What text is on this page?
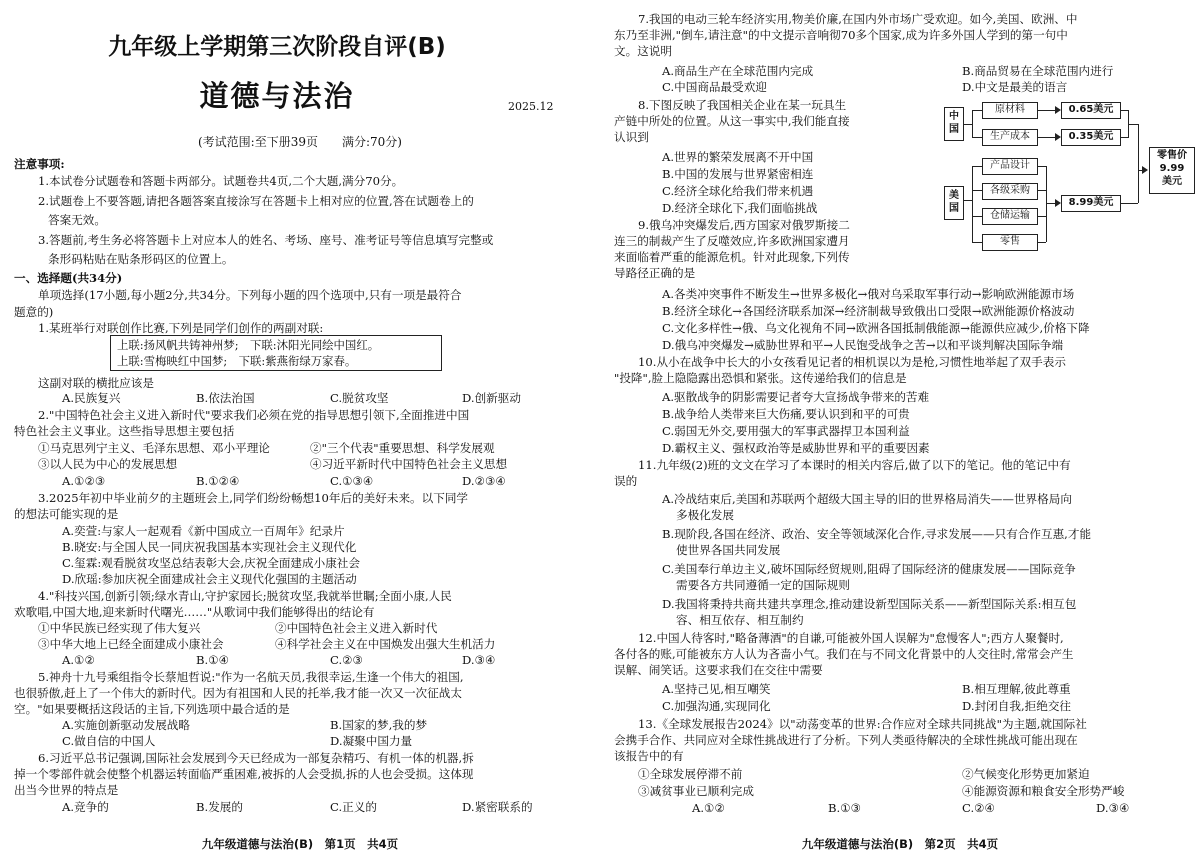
九年级上学期第三次阶段自评(B)
道德与法治	2025.12
(考试范围:至下册39页　　满分:70分)
注意事项:
1.本试卷分试题卷和答题卡两部分。试题卷共4页,二个大题,满分70分。
2.试题卷上不要答题,请把各题答案直接涂写在答题卡上相对应的位置,答在试题卷上的
答案无效。
3.答题前,考生务必将答题卡上对应本人的姓名、考场、座号、准考证号等信息填写完整或
条形码粘贴在贴条形码区的位置上。
一、选择题(共34分)
单项选择(17小题,每小题2分,共34分。下列每小题的四个选项中,只有一项是最符合
题意的)
1.某班举行对联创作比赛,下列是同学们创作的两副对联:
上联:扬风帆共铸神州梦;　下联:沐阳光同绘中国红。
上联:雪梅映红中国梦;　下联:紫燕衔绿万家春。
这副对联的横批应该是
A.民族复兴	B.依法治国	C.脱贫攻坚	D.创新驱动
2."中国特色社会主义进入新时代"要求我们必须在党的指导思想引领下,全面推进中国
特色社会主义事业。这些指导思想主要包括
①马克思列宁主义、毛泽东思想、邓小平理论	②"三个代表"重要思想、科学发展观
③以人民为中心的发展思想	④习近平新时代中国特色社会主义思想
A.①②③	B.①②④	C.①③④	D.②③④
3.2025年初中毕业前夕的主题班会上,同学们纷纷畅想10年后的美好未来。以下同学
的想法可能实现的是
A.奕萱:与家人一起观看《新中国成立一百周年》纪录片
B.晓安:与全国人民一同庆祝我国基本实现社会主义现代化
C.玺霖:观看脱贫攻坚总结表彰大会,庆祝全面建成小康社会
D.欣瑶:参加庆祝全面建成社会主义现代化强国的主题活动
4."科技兴国,创新引领;绿水青山,守护家园长;脱贫攻坚,我就举世瞩;全面小康,人民
欢歌唱,中国大地,迎来新时代曙光……"从歌词中我们能够得出的结论有
①中华民族已经实现了伟大复兴	②中国特色社会主义进入新时代
③中华大地上已经全面建成小康社会	④科学社会主义在中国焕发出强大生机活力
A.①②	B.①④	C.②③	D.③④
5.神舟十九号乘组指令长蔡旭哲说:"作为一名航天员,我很幸运,生逢一个伟大的祖国,
也很骄傲,赶上了一个伟大的新时代。因为有祖国和人民的托举,我才能一次又一次征战太
空。"如果要概括这段话的主旨,下列选项中最合适的是
A.实施创新驱动发展战略	B.国家的梦,我的梦
C.做自信的中国人	D.凝聚中国力量
6.习近平总书记强调,国际社会发展到今天已经成为一部复杂精巧、有机一体的机器,拆
掉一个零部件就会使整个机器运转面临严重困难,被拆的人会受损,拆的人也会受损。这体现
出当今世界的特点是
A.竞争的	B.发展的	C.正义的	D.紧密联系的
九年级道德与法治(B)　第1页　共4页
7.我国的电动三轮车经济实用,物美价廉,在国内外市场广受欢迎。如今,美国、欧洲、中
东乃至非洲,"倒车,请注意"的中文提示音响彻70多个国家,成为许多外国人学到的第一句中
文。这说明
A.商品生产在全球范围内完成	B.商品贸易在全球范围内进行
C.中国商品最受欢迎	D.中文是最美的语言
8.下图反映了我国相关企业在某一玩具生
产链中所处的位置。从这一事实中,我们能直接
认识到
A.世界的繁荣发展离不开中国
B.中国的发展与世界紧密相连
C.经济全球化给我们带来机遇
D.经济全球化下,我们面临挑战
中国
美国
原材料
生产成本
0.65美元
0.35美元
产品设计
各级采购
仓储运输
零售
8.99美元
零售价
9.99
美元
9.俄乌冲突爆发后,西方国家对俄罗斯接二
连三的制裁产生了反噬效应,许多欧洲国家遭月
来面临着严重的能源危机。针对此现象,下列传
导路径正确的是
A.各类冲突事件不断发生→世界多极化→俄对乌采取军事行动→影响欧洲能源市场
B.经济全球化→各国经济联系加深→经济制裁导致俄出口受限→欧洲能源价格波动
C.文化多样性→俄、乌文化视角不同→欧洲各国抵制俄能源→能源供应减少,价格下降
D.俄乌冲突爆发→威胁世界和平→人民饱受战争之苦→以和平谈判解决国际争端
10.从小在战争中长大的小女孩看见记者的相机误以为是枪,习惯性地举起了双手表示
"投降",脸上隐隐露出恐惧和紧张。这传递给我们的信息是
A.驱散战争的阴影需要记者夸大宣扬战争带来的苦难
B.战争给人类带来巨大伤痛,要认识到和平的可贵
C.弱国无外交,要用强大的军事武器捍卫本国利益
D.霸权主义、强权政治等是威胁世界和平的重要因素
11.九年级(2)班的文文在学习了本课时的相关内容后,做了以下的笔记。他的笔记中有
误的
A.冷战结束后,美国和苏联两个超级大国主导的旧的世界格局消失——世界格局向
多极化发展
B.现阶段,各国在经济、政治、安全等领域深化合作,寻求发展——只有合作互惠,才能
使世界各国共同发展
C.美国奉行单边主义,破坏国际经贸规则,阻碍了国际经济的健康发展——国际竞争
需要各方共同遵循一定的国际规则
D.我国将秉持共商共建共享理念,推动建设新型国际关系——新型国际关系:相互包
容、相互依存、相互制约
12.中国人待客时,"略备薄酒"的自谦,可能被外国人误解为"怠慢客人";西方人聚餐时,
各付各的账,可能被东方人认为吝啬小气。我们在与不同文化背景中的人交往时,常常会产生
误解、闹笑话。这要求我们在交往中需要
A.坚持己见,相互嘲笑	B.相互理解,彼此尊重
C.加强沟通,实现同化	D.封闭自我,拒绝交往
13.《全球发展报告2024》以"动荡变革的世界:合作应对全球共同挑战"为主题,就国际社
会携手合作、共同应对全球性挑战进行了分析。下列人类亟待解决的全球性挑战可能出现在
该报告中的有
①全球发展停滞不前	②气候变化形势更加紧迫
③减贫事业已顺利完成	④能源资源和粮食安全形势严峻
A.①②	B.①③	C.②④	D.③④
九年级道德与法治(B)　第2页　共4页
